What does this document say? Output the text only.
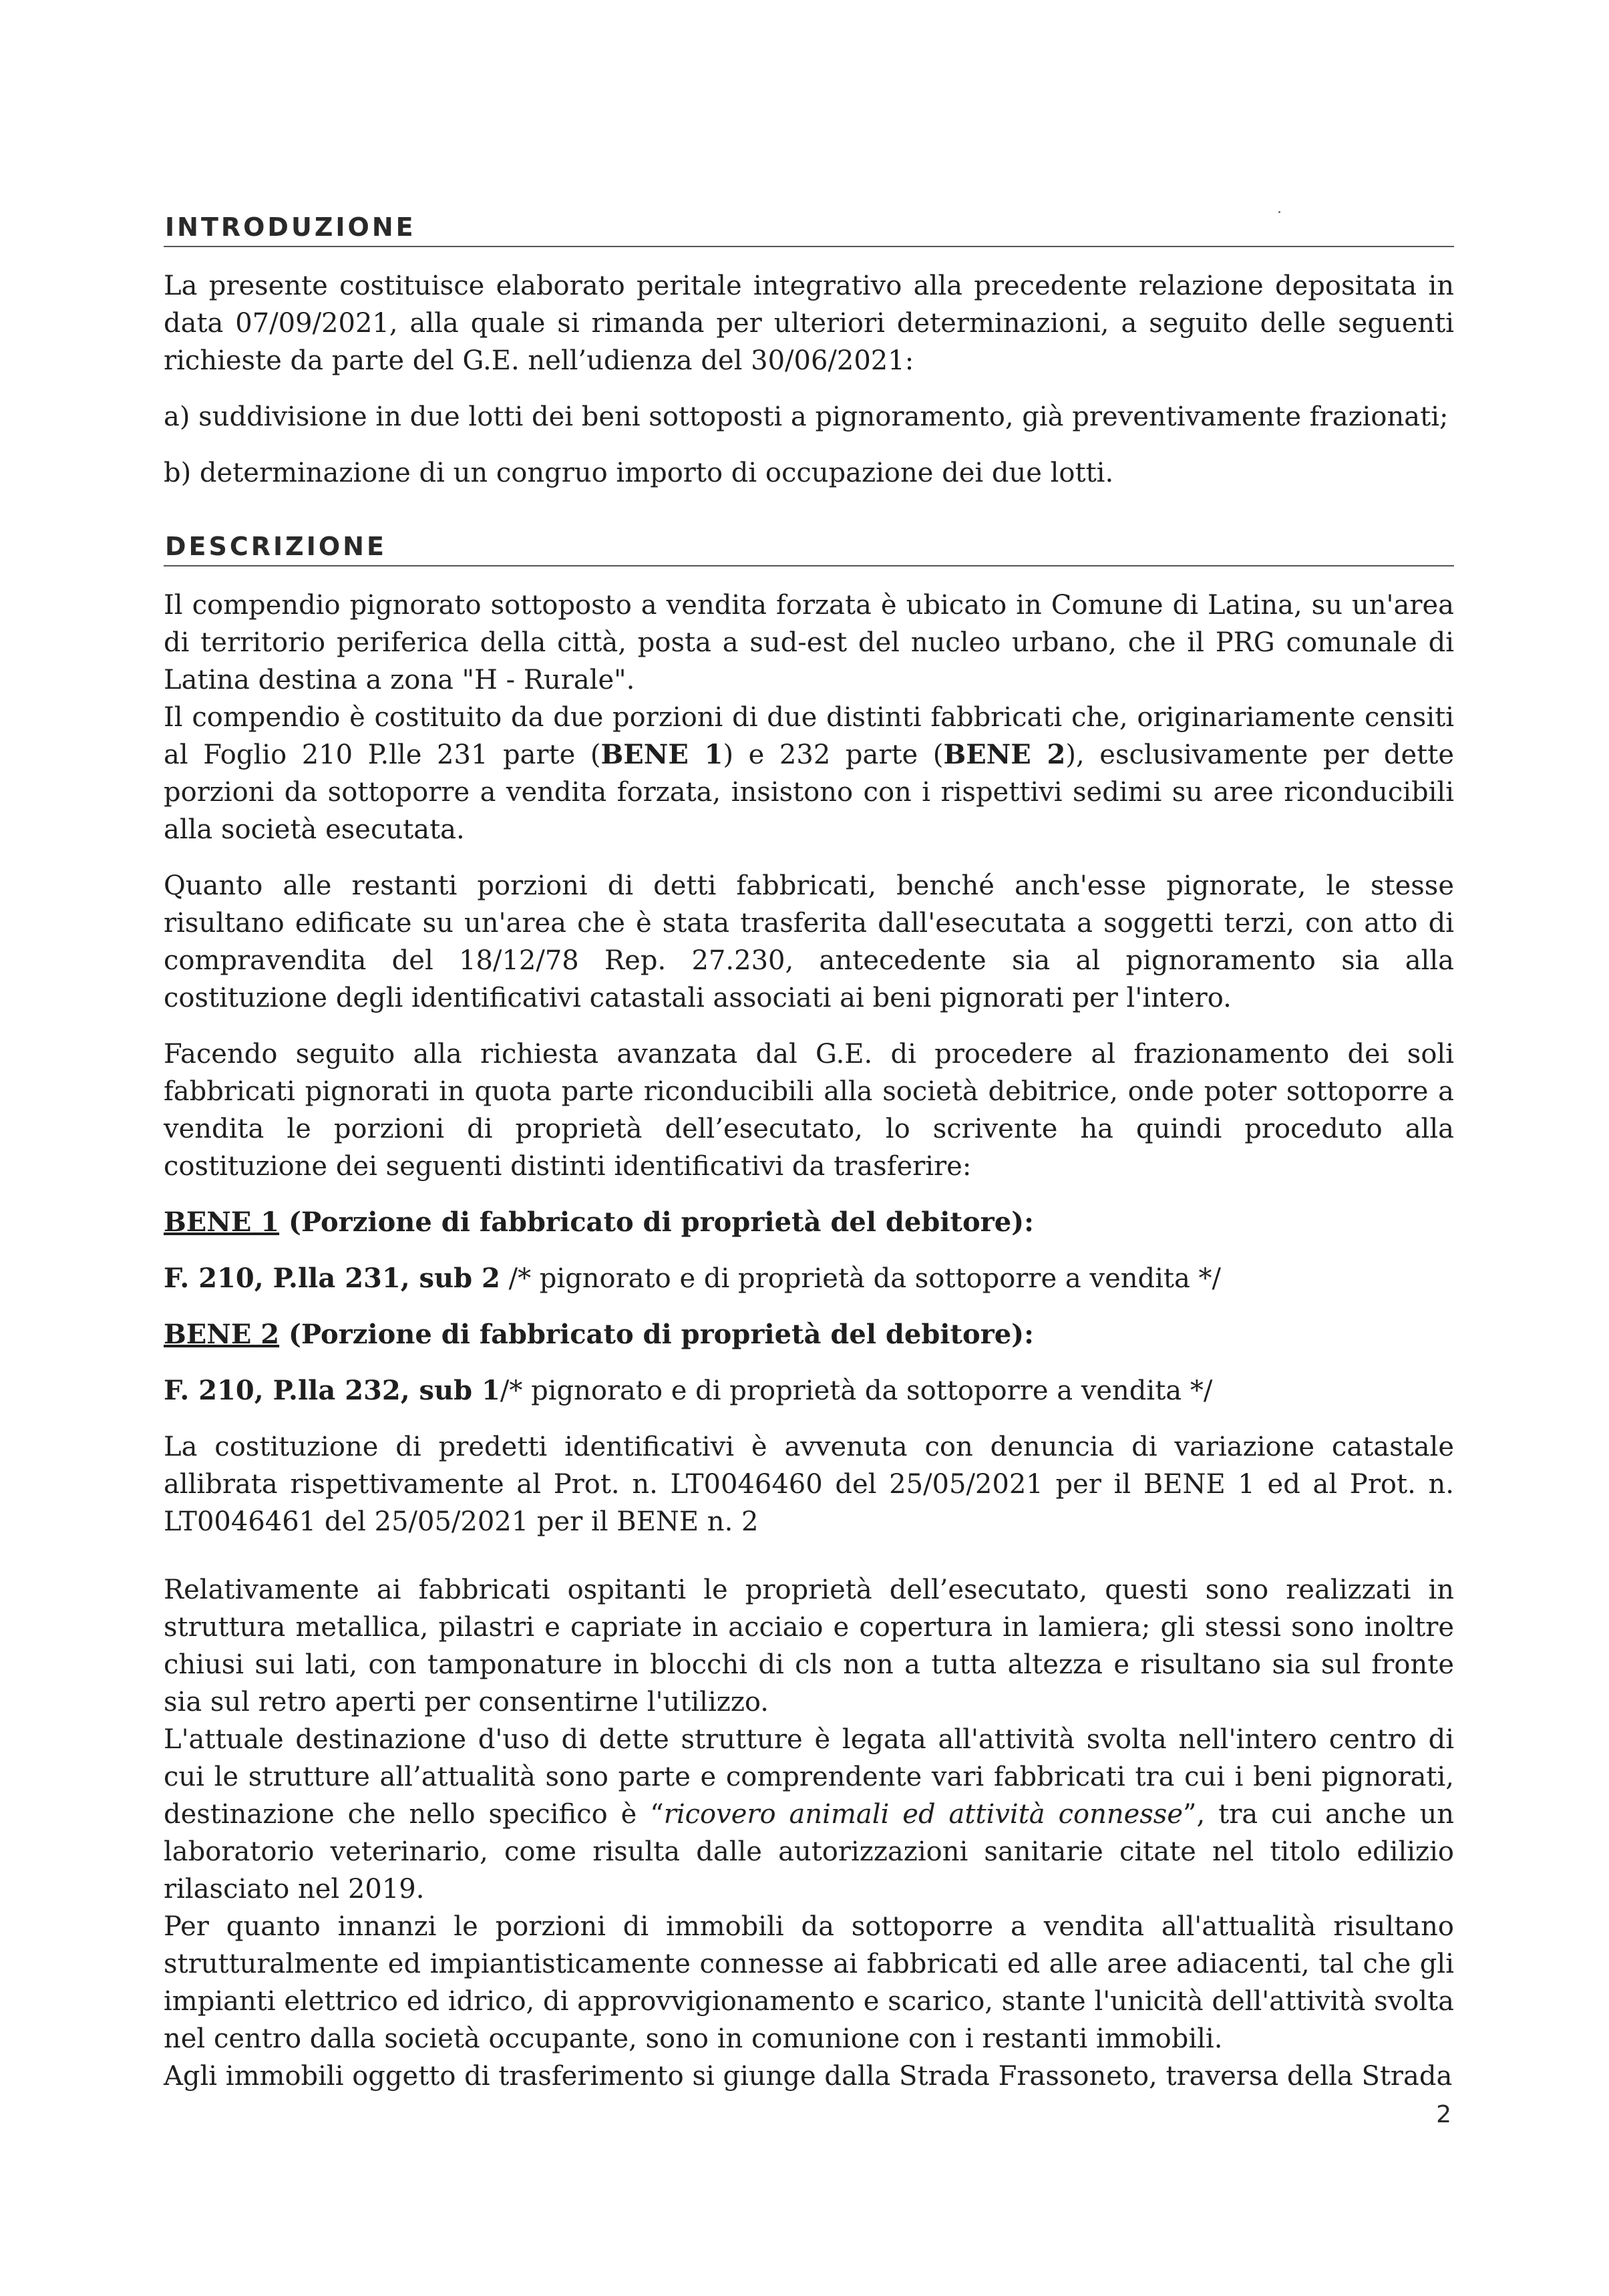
INTRODUZIONE

La presente costituisce elaborato peritale integrativo alla precedente relazione depositata in data 07/09/2021, alla quale si rimanda per ulteriori determinazioni, a seguito delle seguenti richieste da parte del G.E. nell’udienza del 30/06/2021:

a) suddivisione in due lotti dei beni sottoposti a pignoramento, già preventivamente frazionati;

b) determinazione di un congruo importo di occupazione dei due lotti.

DESCRIZIONE

Il compendio pignorato sottoposto a vendita forzata è ubicato in Comune di Latina, su un'area di territorio periferica della città, posta a sud-est del nucleo urbano, che il PRG comunale di Latina destina a zona "H - Rurale".

Il compendio è costituito da due porzioni di due distinti fabbricati che, originariamente censiti al Foglio 210 P.lle 231 parte (BENE 1) e 232 parte (BENE 2), esclusivamente per dette porzioni da sottoporre a vendita forzata, insistono con i rispettivi sedimi su aree riconducibili alla società esecutata.

Quanto alle restanti porzioni di detti fabbricati, benché anch'esse pignorate, le stesse risultano edificate su un'area che è stata trasferita dall'esecutata a soggetti terzi, con atto di compravendita del 18/12/78 Rep. 27.230, antecedente sia al pignoramento sia alla costituzione degli identificativi catastali associati ai beni pignorati per l'intero.

Facendo seguito alla richiesta avanzata dal G.E. di procedere al frazionamento dei soli fabbricati pignorati in quota parte riconducibili alla società debitrice, onde poter sottoporre a vendita le porzioni di proprietà dell’esecutato, lo scrivente ha quindi proceduto alla costituzione dei seguenti distinti identificativi da trasferire:

BENE 1 (Porzione di fabbricato di proprietà del debitore):

F. 210, P.lla 231, sub 2 /* pignorato e di proprietà da sottoporre a vendita */

BENE 2 (Porzione di fabbricato di proprietà del debitore):

F. 210, P.lla 232, sub 1/* pignorato e di proprietà da sottoporre a vendita */

La costituzione di predetti identificativi è avvenuta con denuncia di variazione catastale allibrata rispettivamente al Prot. n. LT0046460 del 25/05/2021 per il BENE 1 ed al Prot. n. LT0046461 del 25/05/2021 per il BENE n. 2

Relativamente ai fabbricati ospitanti le proprietà dell’esecutato, questi sono realizzati in struttura metallica, pilastri e capriate in acciaio e copertura in lamiera; gli stessi sono inoltre chiusi sui lati, con tamponature in blocchi di cls non a tutta altezza e risultano sia sul fronte sia sul retro aperti per consentirne l'utilizzo.

L'attuale destinazione d'uso di dette strutture è legata all'attività svolta nell'intero centro di cui le strutture all’attualità sono parte e comprendente vari fabbricati tra cui i beni pignorati, destinazione che nello specifico è “ricovero animali ed attività connesse”, tra cui anche un laboratorio veterinario, come risulta dalle autorizzazioni sanitarie citate nel titolo edilizio rilasciato nel 2019.

Per quanto innanzi le porzioni di immobili da sottoporre a vendita all'attualità risultano strutturalmente ed impiantisticamente connesse ai fabbricati ed alle aree adiacenti, tal che gli impianti elettrico ed idrico, di approvvigionamento e scarico, stante l'unicità dell'attività svolta nel centro dalla società occupante, sono in comunione con i restanti immobili.

Agli immobili oggetto di trasferimento si giunge dalla Strada Frassoneto, traversa della Strada

2
